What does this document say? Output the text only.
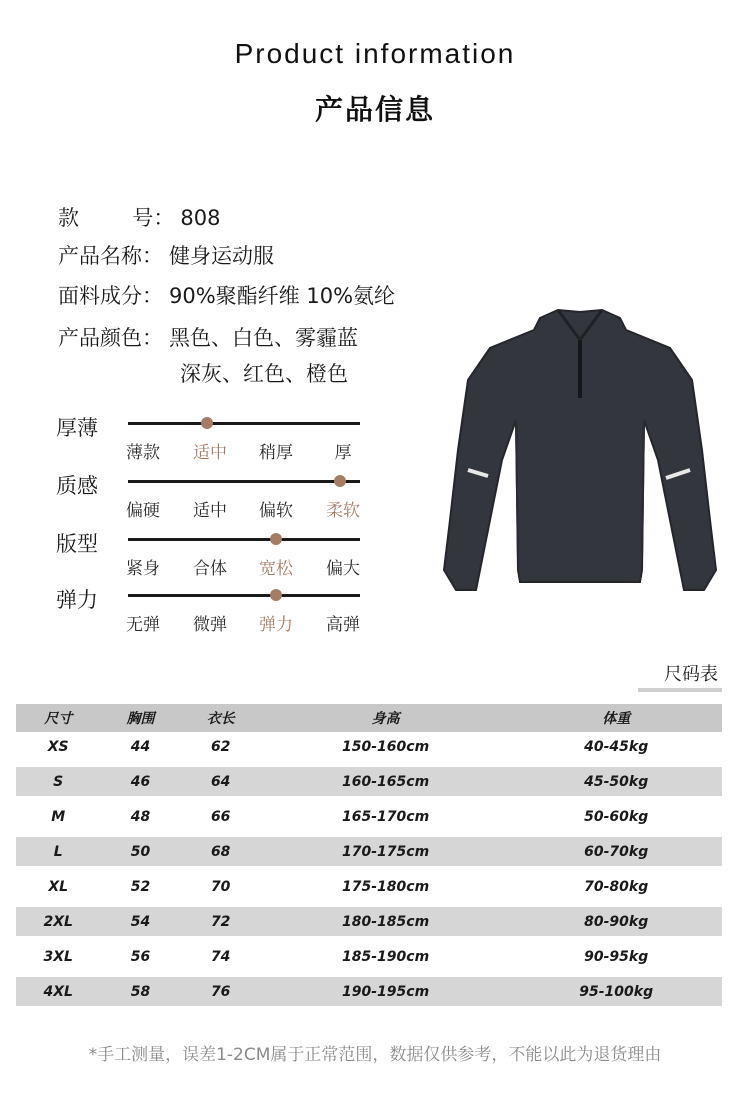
Product information
产品信息
款        号： 808
产品名称： 健身运动服
面料成分： 90%聚酯纤维 10%氨纶
产品颜色： 黑色、白色、雾霾蓝
深灰、红色、橙色
厚薄
薄款	适中	稍厚	厚
质感
偏硬	适中	偏软	柔软
版型
紧身	合体	宽松	偏大
弹力
无弹	微弹	弹力	高弹
尺码表
尺寸	胸围	衣长	身高	体重
XS	44	62	150-160cm	40-45kg

S	46	64	160-165cm	45-50kg

M	48	66	165-170cm	50-60kg

L	50	68	170-175cm	60-70kg

XL	52	70	175-180cm	70-80kg

2XL	54	72	180-185cm	80-90kg

3XL	56	74	185-190cm	90-95kg

4XL	58	76	190-195cm	95-100kg
*手工测量，误差1-2CM属于正常范围，数据仅供参考，不能以此为退货理由
